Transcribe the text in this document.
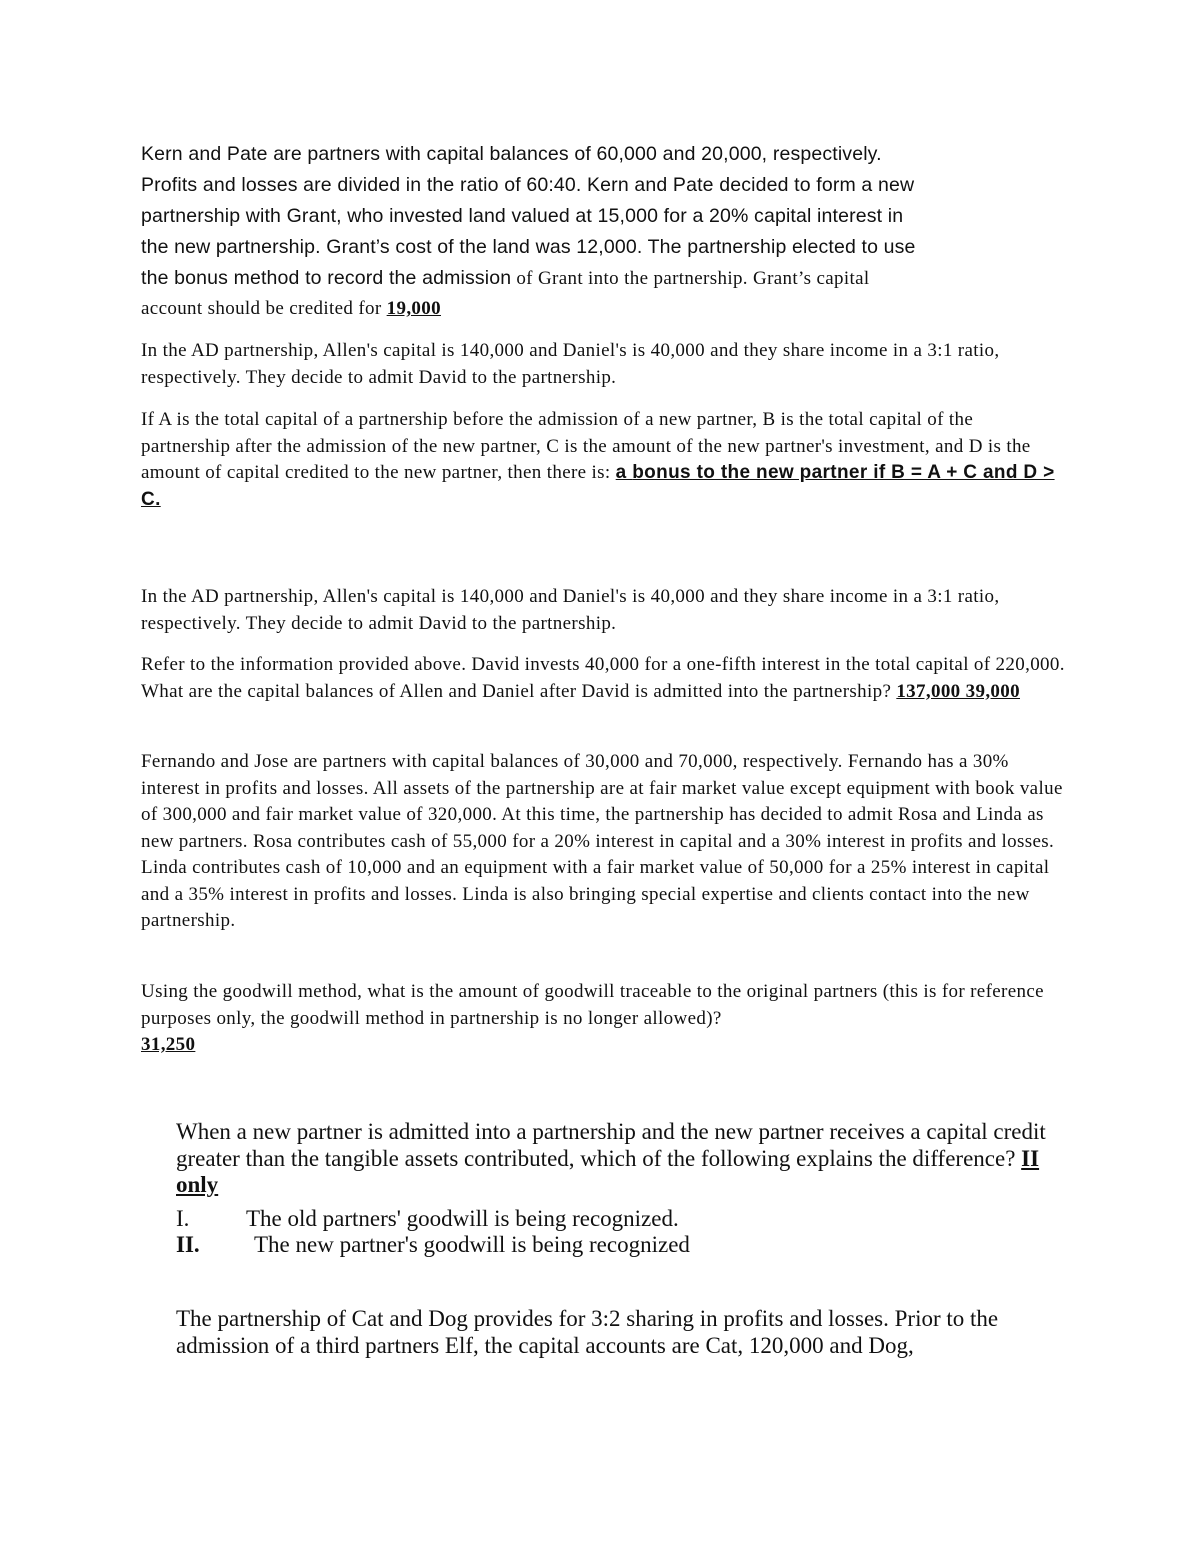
Kern and Pate are partners with capital balances of 60,000 and 20,000, respectively.
Profits and losses are divided in the ratio of 60:40. Kern and Pate decided to form a new
partnership with Grant, who invested land valued at 15,000 for a 20% capital interest in
the new partnership. Grant’s cost of the land was 12,000. The partnership elected to use
the bonus method to record the admission of Grant into the partnership. Grant’s capital
account should be credited for 19,000

In the AD partnership, Allen's capital is 140,000 and Daniel's is 40,000 and they share income in a 3:1 ratio, respectively. They decide to admit David to the partnership.

If A is the total capital of a partnership before the admission of a new partner, B is the total capital of the partnership after the admission of the new partner, C is the amount of the new partner's investment, and D is the amount of capital credited to the new partner, then there is: a bonus to the new partner if B = A + C and D > C.

In the AD partnership, Allen's capital is 140,000 and Daniel's is 40,000 and they share income in a 3:1 ratio, respectively. They decide to admit David to the partnership.

Refer to the information provided above. David invests 40,000 for a one-fifth interest in the total capital of 220,000. What are the capital balances of Allen and Daniel after David is admitted into the partnership? 137,000 39,000

Fernando and Jose are partners with capital balances of 30,000 and 70,000, respectively. Fernando has a 30% interest in profits and losses. All assets of the partnership are at fair market value except equipment with book value of 300,000 and fair market value of 320,000. At this time, the partnership has decided to admit Rosa and Linda as new partners. Rosa contributes cash of 55,000 for a 20% interest in capital and a 30% interest in profits and losses. Linda contributes cash of 10,000 and an equipment with a fair market value of 50,000 for a 25% interest in capital and a 35% interest in profits and losses. Linda is also bringing special expertise and clients contact into the new partnership.

Using the goodwill method, what is the amount of goodwill traceable to the original partners (this is for reference purposes only, the goodwill method in partnership is no longer allowed)?
31,250
When a new partner is admitted into a partnership and the new partner receives a capital credit greater than the tangible assets contributed, which of the following explains the difference? II only
I. The old partners' goodwill is being recognized.
II. The new partner's goodwill is being recognized

The partnership of Cat and Dog provides for 3:2 sharing in profits and losses. Prior to the admission of a third partners Elf, the capital accounts are Cat, 120,000 and Dog,
